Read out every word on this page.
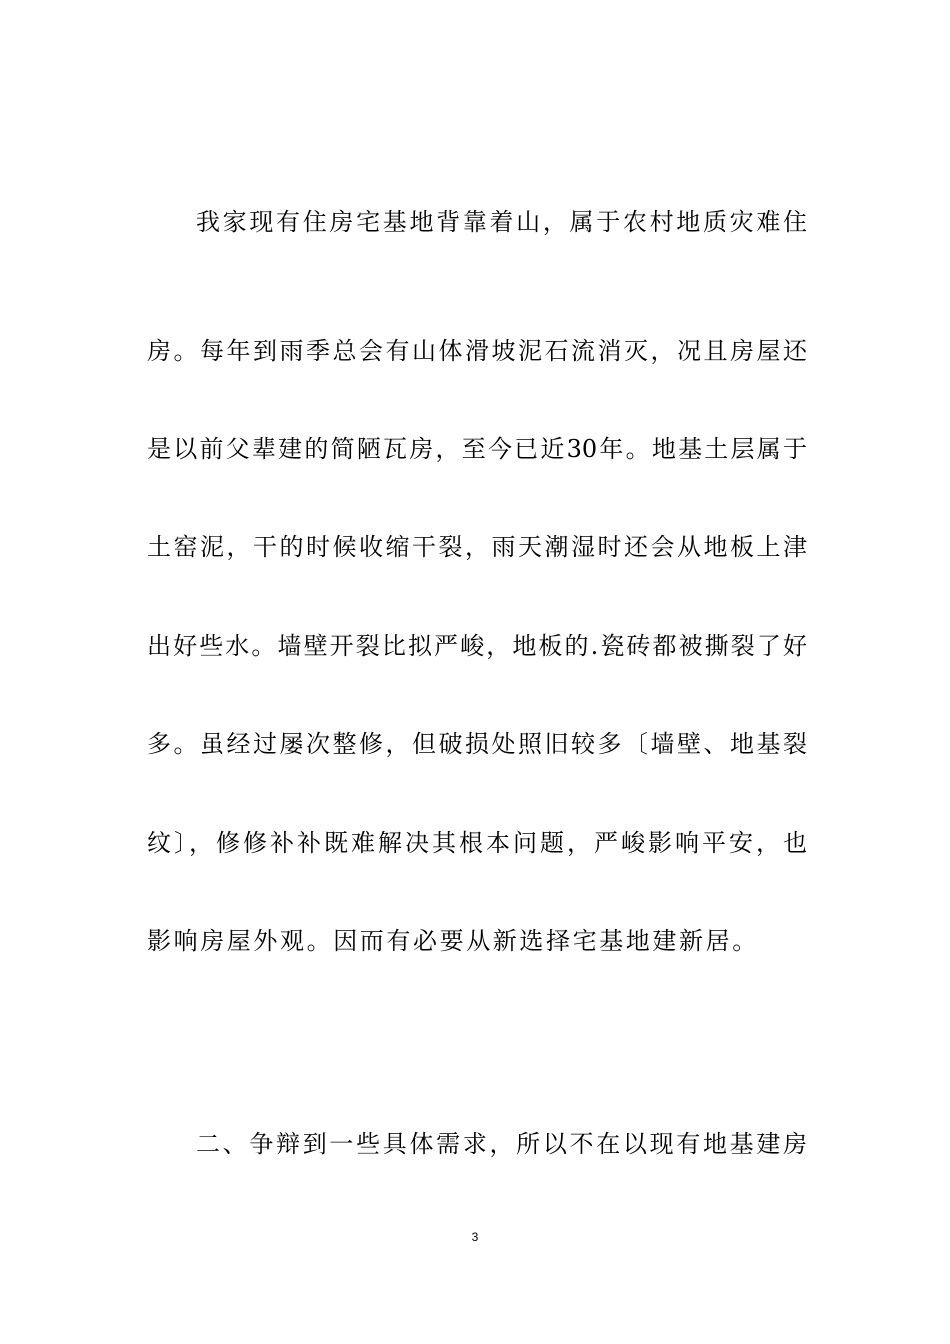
我家现有住房宅基地背靠着山，属于农村地质灾难住
房。每年到雨季总会有山体滑坡泥石流消灭，况且房屋还
是以前父辈建的简陋瓦房，至今已近30年。地基土层属于
土窑泥，干的时候收缩干裂，雨天潮湿时还会从地板上津
出好些水。墙壁开裂比拟严峻，地板的.瓷砖都被撕裂了好
多。虽经过屡次整修，但破损处照旧较多〔墙壁、地基裂
纹〕，修修补补既难解决其根本问题，严峻影响平安，也
影响房屋外观。因而有必要从新选择宅基地建新居。
二、争辩到一些具体需求，所以不在以现有地基建房
3
